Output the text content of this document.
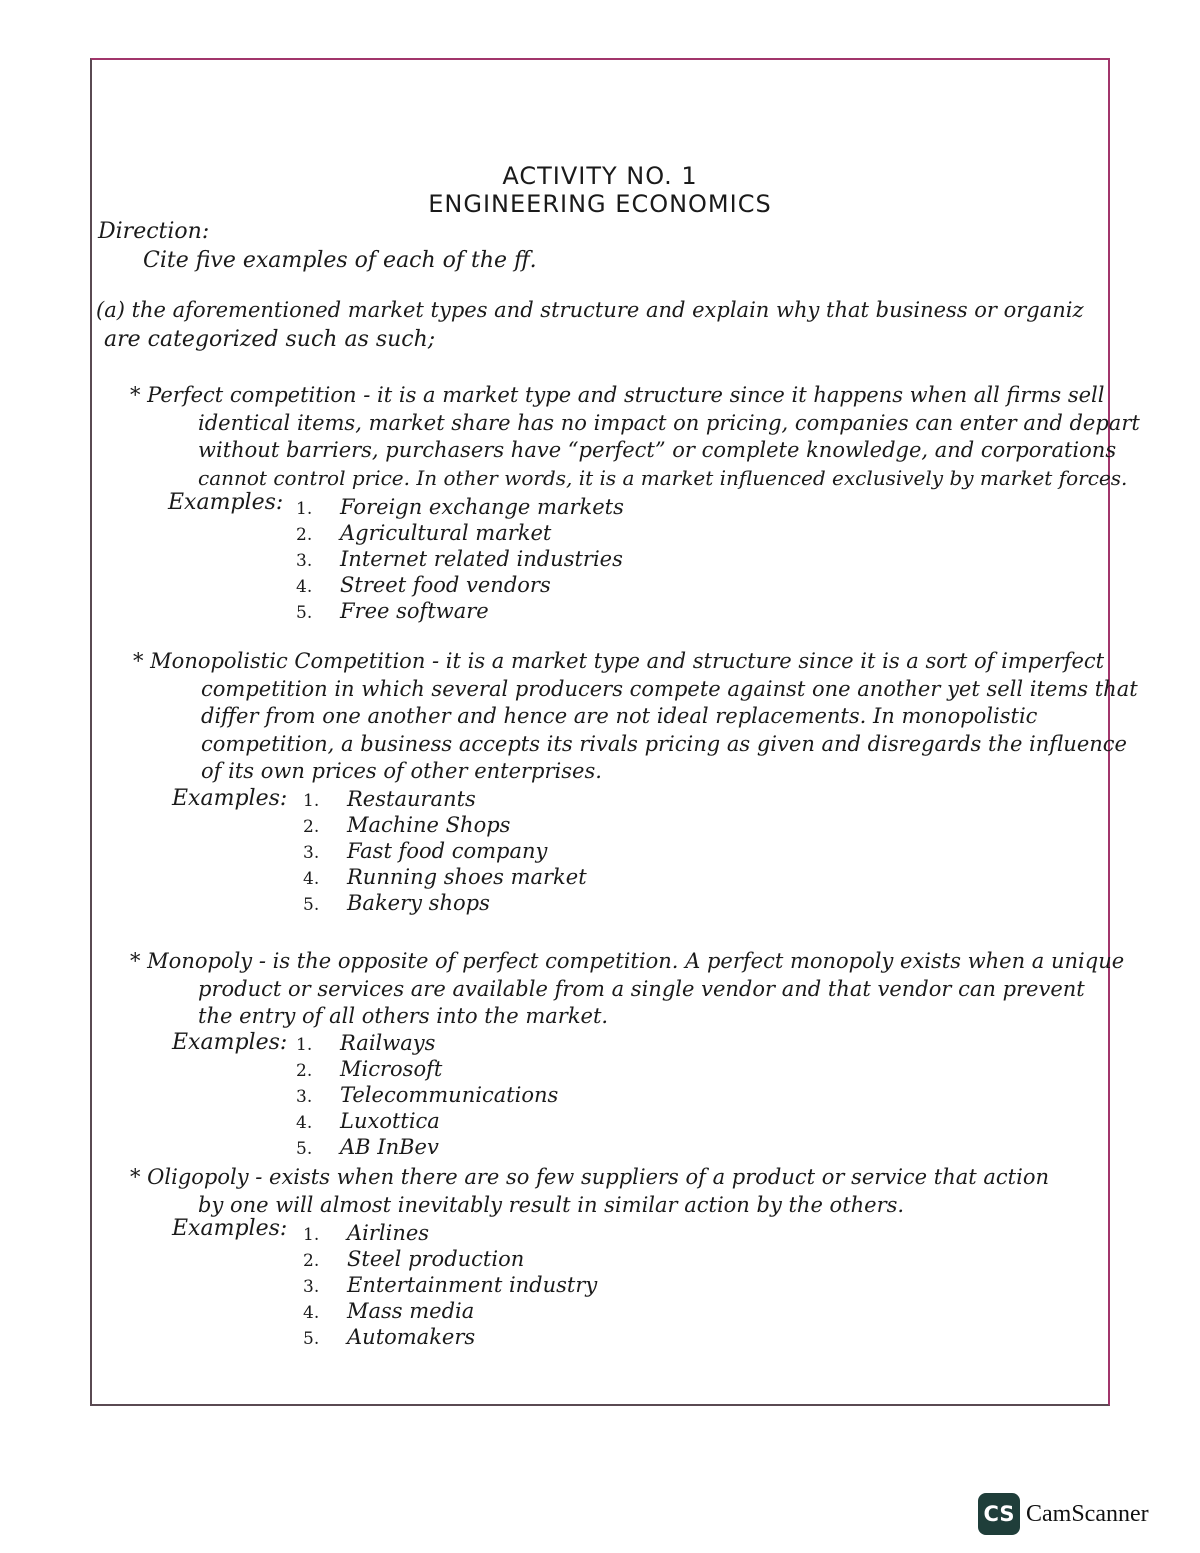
ACTIVITY NO. 1
ENGINEERING ECONOMICS
Direction:
Cite five examples of each of the ff.
(a) the aforementioned market types and structure and explain why that business or organiz
are categorized such as such;
* Perfect competition - it is a market type and structure since it happens when all firms sell
identical items, market share has no impact on pricing, companies can enter and depart
without barriers, purchasers have “perfect” or complete knowledge, and corporations
cannot control price. In other words, it is a market influenced exclusively by market forces.
Examples: 1. Foreign exchange markets
2. Agricultural market
3. Internet related industries
4. Street food vendors
5. Free software
* Monopolistic Competition - it is a market type and structure since it is a sort of imperfect
competition in which several producers compete against one another yet sell items that
differ from one another and hence are not ideal replacements. In monopolistic
competition, a business accepts its rivals pricing as given and disregards the influence
of its own prices of other enterprises.
Examples: 1. Restaurants
2. Machine Shops
3. Fast food company
4. Running shoes market
5. Bakery shops
* Monopoly - is the opposite of perfect competition. A perfect monopoly exists when a unique
product or services are available from a single vendor and that vendor can prevent
the entry of all others into the market.
Examples: 1. Railways
2. Microsoft
3. Telecommunications
4. Luxottica
5. AB InBev
* Oligopoly - exists when there are so few suppliers of a product or service that action
by one will almost inevitably result in similar action by the others.
Examples: 1. Airlines
2. Steel production
3. Entertainment industry
4. Mass media
5. Automakers
CS CamScanner
